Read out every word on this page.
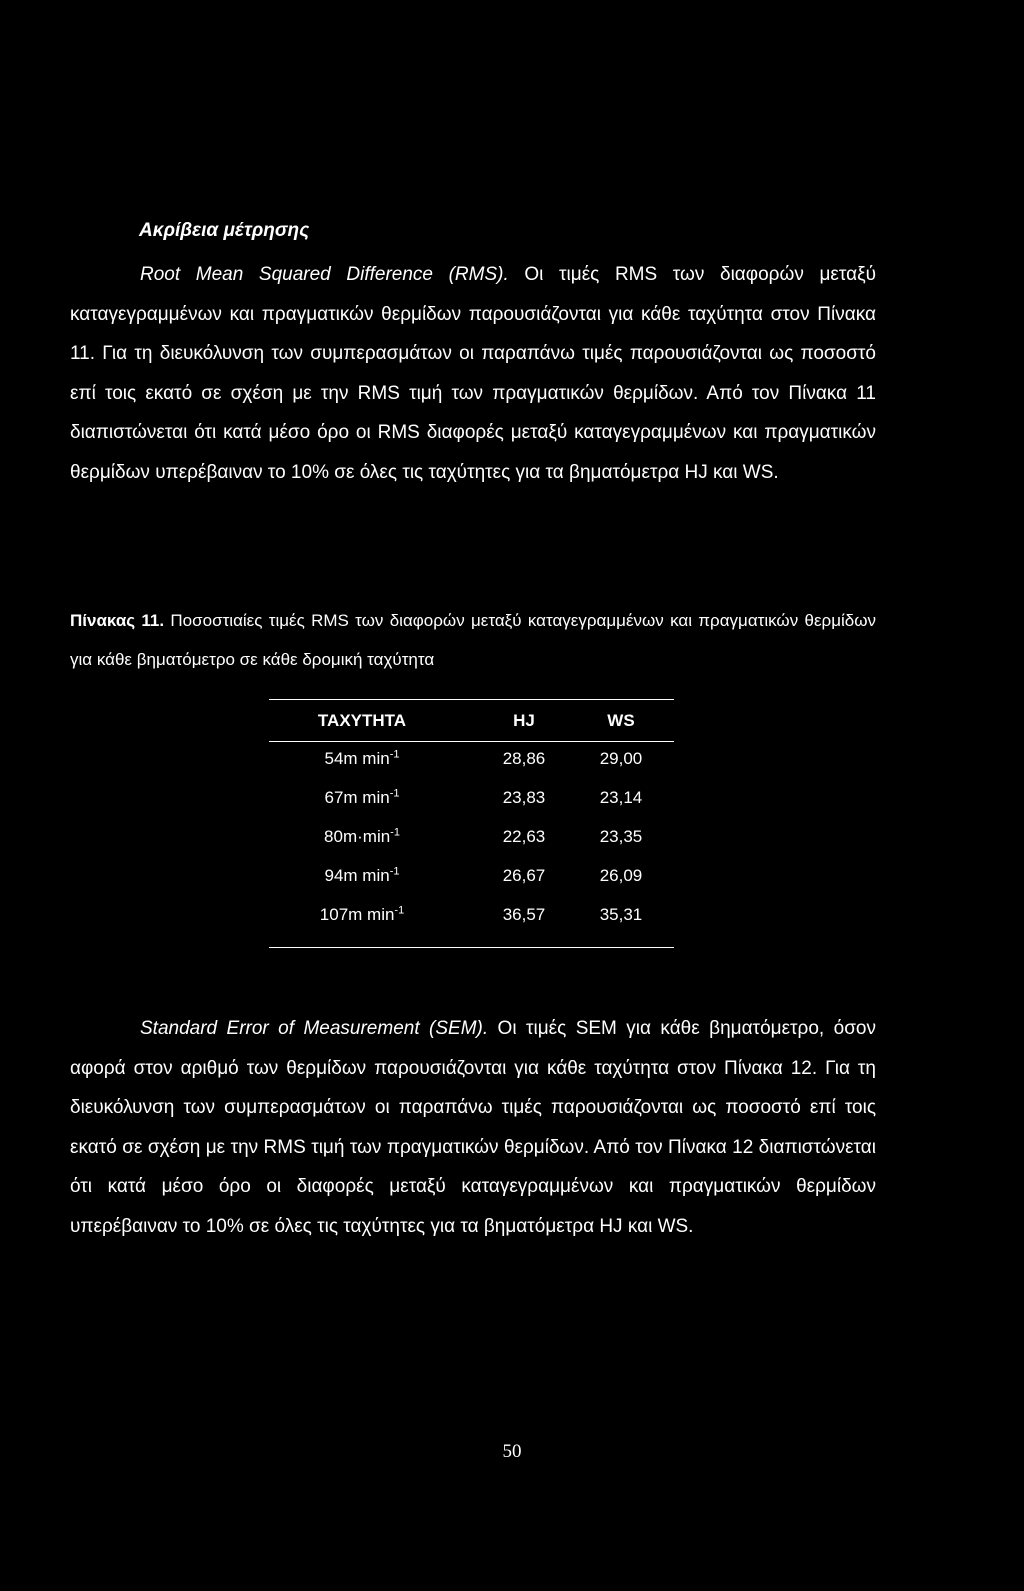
Ακρίβεια μέτρησης

Root Mean Squared Difference (RMS). Οι τιμές RMS των διαφορών μεταξύ καταγεγραμμένων και πραγματικών θερμίδων παρουσιάζονται για κάθε ταχύτητα στον Πίνακα 11. Για τη διευκόλυνση των συμπερασμάτων οι παραπάνω τιμές παρουσιάζονται ως ποσοστό επί τοις εκατό σε σχέση με την RMS τιμή των πραγματικών θερμίδων. Από τον Πίνακα 11 διαπιστώνεται ότι κατά μέσο όρο οι RMS διαφορές μεταξύ καταγεγραμμένων και πραγματικών θερμίδων υπερέβαιναν το 10% σε όλες τις ταχύτητες για τα βηματόμετρα HJ και WS.

Πίνακας 11. Ποσοστιαίες τιμές RMS των διαφορών μεταξύ καταγεγραμμένων και πραγματικών θερμίδων για κάθε βηματόμετρο σε κάθε δρομική ταχύτητα

ΤΑΧΥΤΗΤΑ	HJ	WS
54m $\min^{-1}$	28,86	29,00
67m $\min^{-1}$	23,83	23,14
$80m\cdot\min^{-1}$	22,63	23,35
94m $\min^{-1}$	26,67	26,09
107m $\min^{-1}$	36,57	35,31

Standard Error of Measurement (SEM). Οι τιμές SEM για κάθε βηματόμετρο, όσον αφορά στον αριθμό των θερμίδων παρουσιάζονται για κάθε ταχύτητα στον Πίνακα 12. Για τη διευκόλυνση των συμπερασμάτων οι παραπάνω τιμές παρουσιάζονται ως ποσοστό επί τοις εκατό σε σχέση με την RMS τιμή των πραγματικών θερμίδων. Από τον Πίνακα 12 διαπιστώνεται ότι κατά μέσο όρο οι διαφορές μεταξύ καταγεγραμμένων και πραγματικών θερμίδων υπερέβαιναν το 10% σε όλες τις ταχύτητες για τα βηματόμετρα HJ και WS.

50
